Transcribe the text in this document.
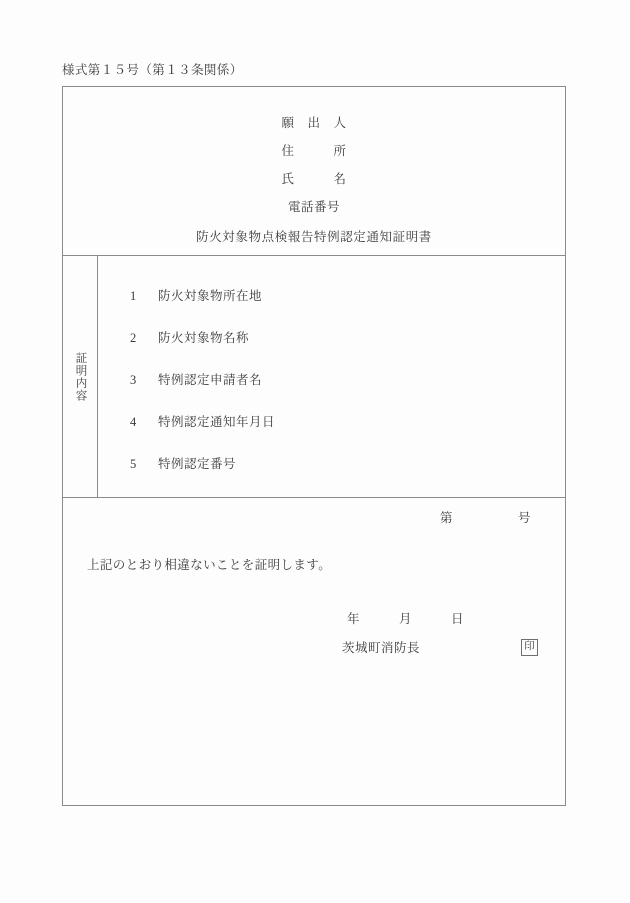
様式第１５号（第１３条関係）
願　出　人
住　　　所
氏　　　名
電話番号
防火対象物点検報告特例認定通知証明書
証明内容
1	防火対象物所在地
2	防火対象物名称
3	特例認定申請者名
4	特例認定通知年月日
5	特例認定番号
第　　　　　号
上記のとおり相違ないことを証明します。
年　　　月　　　日
茨城町消防長	印
